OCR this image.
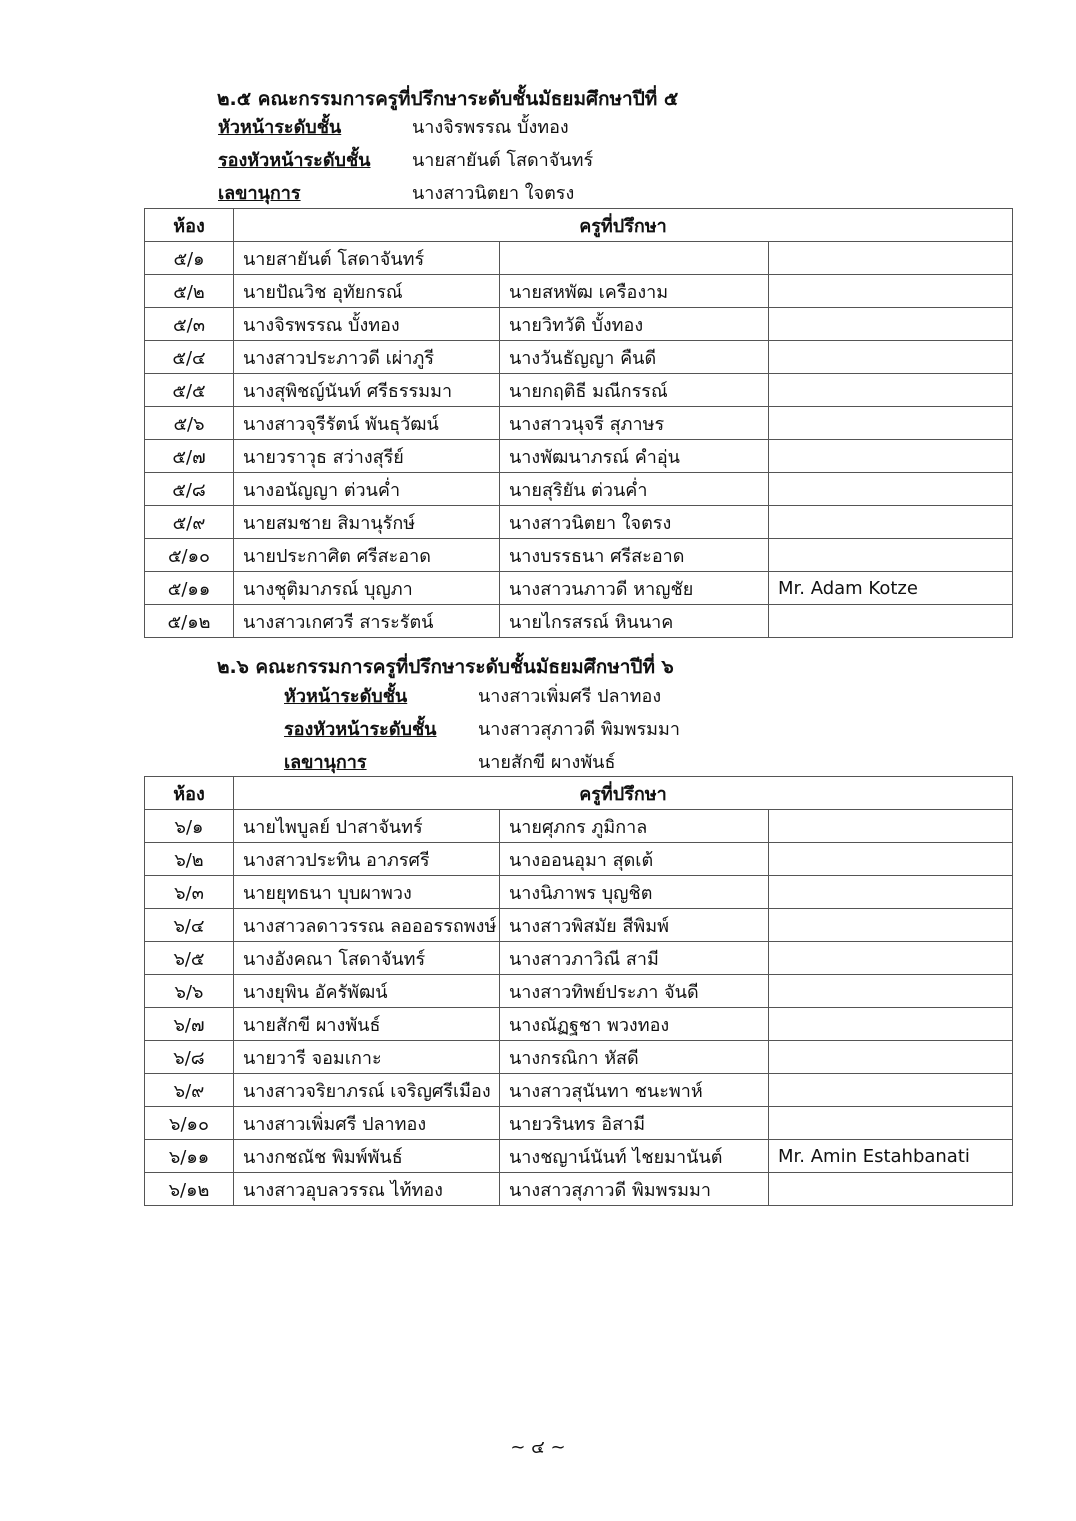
๒.๕ คณะกรรมการครูที่ปรึกษาระดับชั้นมัธยมศึกษาปีที่ ๕
หัวหน้าระดับชั้น	นางจิรพรรณ บั้งทอง
รองหัวหน้าระดับชั้น นายสายันต์ โสดาจันทร์
เลขานุการ	นางสาวนิตยา ใจตรง
ห้อง	ครูที่ปรึกษา		
๕/๑	นายสายันต์ โสดาจันทร์		
๕/๒	นายปัณวิช อุทัยกรณ์	นายสหพัฒ เครืองาม	
๕/๓	นางจิรพรรณ บั้งทอง	นายวิทวัติ บั้งทอง	
๕/๔	นางสาวประภาวดี เผ่าภูรี	นางวันธัญญา คืนดี	
๕/๕	นางสุพิชญ์นันท์ ศรีธรรมมา	นายกฤติธี มณีกรรณ์	
๕/๖	นางสาวจุรีรัตน์ พันธุวัฒน์	นางสาวนุจรี สุภาษร	
๕/๗	นายวราวุธ สว่างสุรีย์	นางพัฒนาภรณ์ คำอุ่น	
๕/๘	นางอนัญญา ต่วนค่ำ	นายสุริยัน ต่วนค่ำ	
๕/๙	นายสมชาย สิมานุรักษ์	นางสาวนิตยา ใจตรง	
๕/๑๐	นายประกาศิต ศรีสะอาด	นางบรรธนา ศรีสะอาด	
๕/๑๑	นางชุติมาภรณ์ บุญภา	นางสาวนภาวดี หาญชัย	Mr. Adam Kotze
๕/๑๒	นางสาวเกศวรี สาระรัตน์	นายไกรสรณ์ หินนาค	
๒.๖ คณะกรรมการครูที่ปรึกษาระดับชั้นมัธยมศึกษาปีที่ ๖
หัวหน้าระดับชั้น	นางสาวเพิ่มศรี ปลาทอง
รองหัวหน้าระดับชั้น นางสาวสุภาวดี พิมพรมมา
เลขานุการ	นายสักขี ผางพันธ์
ห้อง	ครูที่ปรึกษา		
๖/๑	นายไพบูลย์ ปาสาจันทร์	นายศุภกร ภูมิกาล	
๖/๒	นางสาวประทิน อาภรศรี	นางออนอุมา สุดเต้	
๖/๓	นายยุทธนา บุบผาพวง	นางนิภาพร บุญชิต	
๖/๔	นางสาวลดาวรรณ ลอออรรถพงษ์	นางสาวพิสมัย สีพิมพ์	
๖/๕	นางอังคณา โสดาจันทร์	นางสาวภาวิณี สามี	
๖/๖	นางยุพิน อัครัพัฒน์	นางสาวทิพย์ประภา จันดี	
๖/๗	นายสักขี ผางพันธ์	นางณัฏฐชา พวงทอง	
๖/๘	นายวารี จอมเกาะ	นางกรณิกา หัสดี	
๖/๙	นางสาวจริยาภรณ์ เจริญศรีเมือง	นางสาวสุนันทา ชนะพาห์	
๖/๑๐	นางสาวเพิ่มศรี ปลาทอง	นายวรินทร อิสามี	
๖/๑๑	นางกชณัช พิมพ์พันธ์	นางชญาน์นันท์ ไชยมานันต์	Mr. Amin Estahbanati
๖/๑๒	นางสาวอุบลวรรณ ไท้ทอง	นางสาวสุภาวดี พิมพรมมา	
~ ๔ ~
